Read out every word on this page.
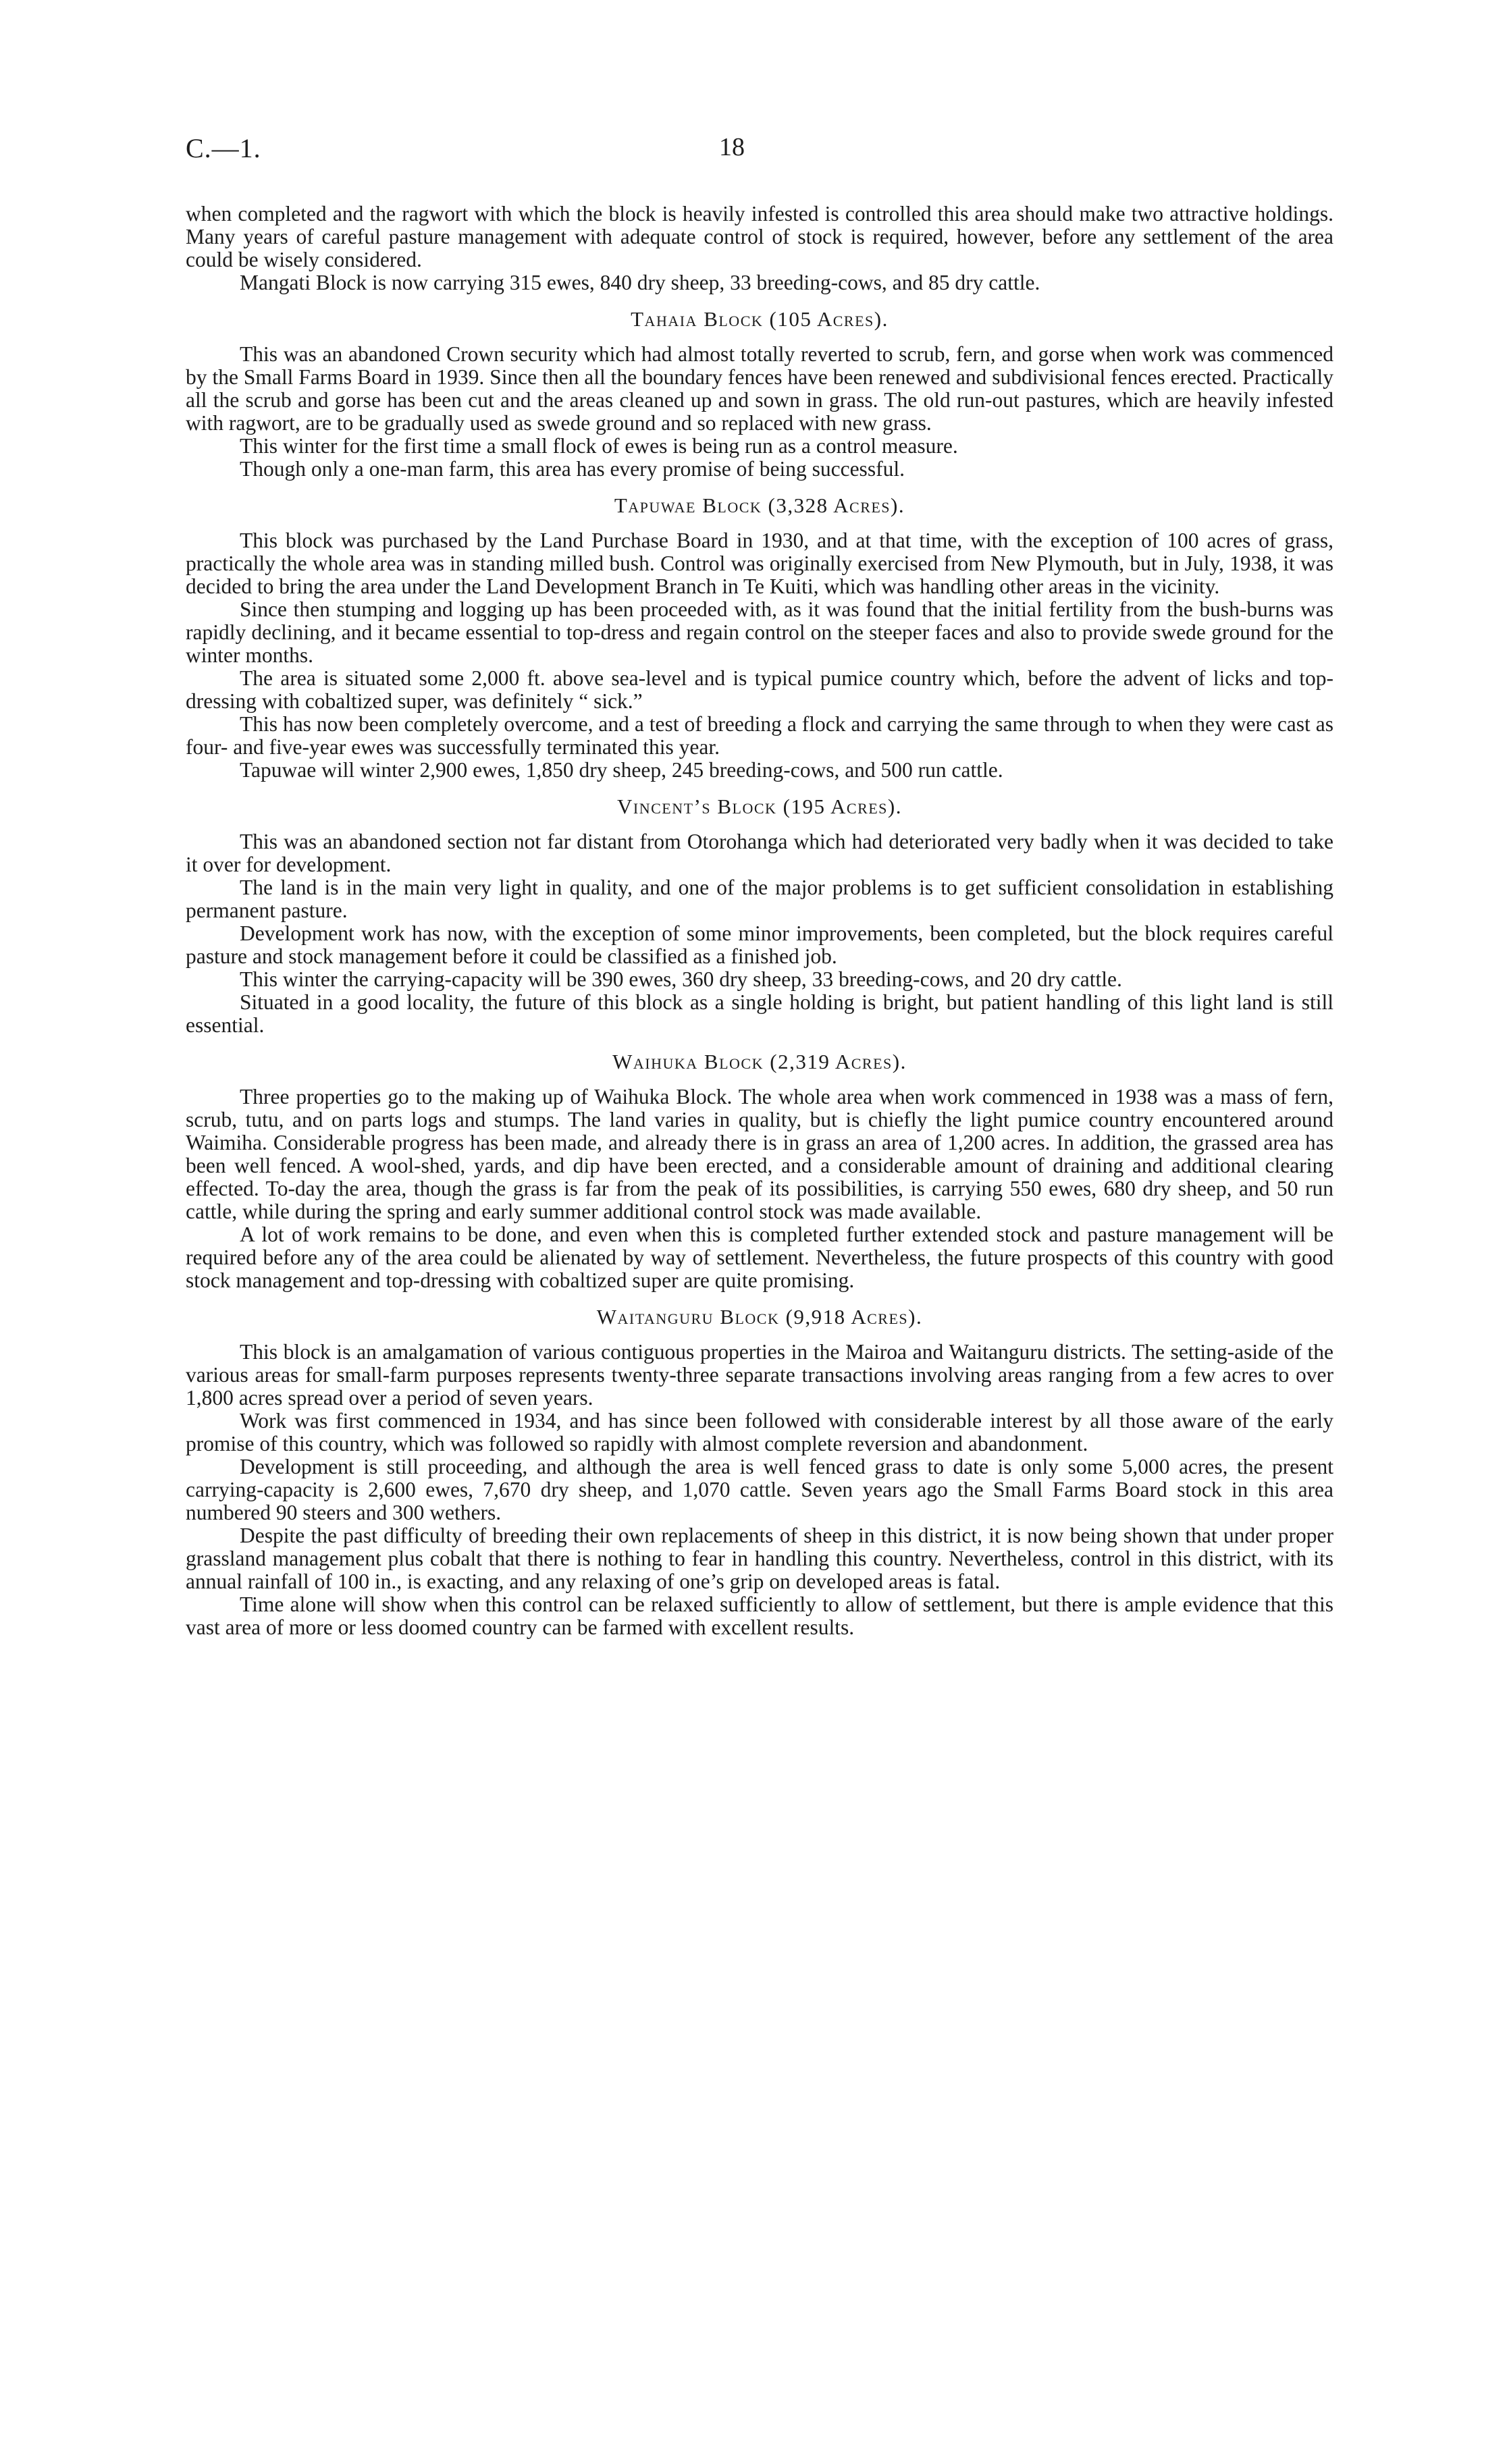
C.—1.	18

when completed and the ragwort with which the block is heavily infested is controlled this area should make two attractive holdings. Many years of careful pasture management with adequate control of stock is required, however, before any settlement of the area could be wisely considered.

Mangati Block is now carrying 315 ewes, 840 dry sheep, 33 breeding-cows, and 85 dry cattle.

Tahaia Block (105 Acres).

This was an abandoned Crown security which had almost totally reverted to scrub, fern, and gorse when work was commenced by the Small Farms Board in 1939. Since then all the boundary fences have been renewed and subdivisional fences erected. Practically all the scrub and gorse has been cut and the areas cleaned up and sown in grass. The old run-out pastures, which are heavily infested with ragwort, are to be gradually used as swede ground and so replaced with new grass.

This winter for the first time a small flock of ewes is being run as a control measure.

Though only a one-man farm, this area has every promise of being successful.

Tapuwae Block (3,328 Acres).

This block was purchased by the Land Purchase Board in 1930, and at that time, with the exception of 100 acres of grass, practically the whole area was in standing milled bush. Control was originally exercised from New Plymouth, but in July, 1938, it was decided to bring the area under the Land Development Branch in Te Kuiti, which was handling other areas in the vicinity.

Since then stumping and logging up has been proceeded with, as it was found that the initial fertility from the bush-burns was rapidly declining, and it became essential to top-dress and regain control on the steeper faces and also to provide swede ground for the winter months.

The area is situated some 2,000 ft. above sea-level and is typical pumice country which, before the advent of licks and top-dressing with cobaltized super, was definitely “ sick.”

This has now been completely overcome, and a test of breeding a flock and carrying the same through to when they were cast as four- and five-year ewes was successfully terminated this year.

Tapuwae will winter 2,900 ewes, 1,850 dry sheep, 245 breeding-cows, and 500 run cattle.

Vincent’s Block (195 Acres).

This was an abandoned section not far distant from Otorohanga which had deteriorated very badly when it was decided to take it over for development.

The land is in the main very light in quality, and one of the major problems is to get sufficient consolidation in establishing permanent pasture.

Development work has now, with the exception of some minor improvements, been completed, but the block requires careful pasture and stock management before it could be classified as a finished job.

This winter the carrying-capacity will be 390 ewes, 360 dry sheep, 33 breeding-cows, and 20 dry cattle.

Situated in a good locality, the future of this block as a single holding is bright, but patient handling of this light land is still essential.

Waihuka Block (2,319 Acres).

Three properties go to the making up of Waihuka Block. The whole area when work commenced in 1938 was a mass of fern, scrub, tutu, and on parts logs and stumps. The land varies in quality, but is chiefly the light pumice country encountered around Waimiha. Considerable progress has been made, and already there is in grass an area of 1,200 acres. In addition, the grassed area has been well fenced. A wool-shed, yards, and dip have been erected, and a considerable amount of draining and additional clearing effected. To-day the area, though the grass is far from the peak of its possibilities, is carrying 550 ewes, 680 dry sheep, and 50 run cattle, while during the spring and early summer additional control stock was made available.

A lot of work remains to be done, and even when this is completed further extended stock and pasture management will be required before any of the area could be alienated by way of settlement. Nevertheless, the future prospects of this country with good stock management and top-dressing with cobaltized super are quite promising.

Waitanguru Block (9,918 Acres).

This block is an amalgamation of various contiguous properties in the Mairoa and Waitanguru districts. The setting-aside of the various areas for small-farm purposes represents twenty-three separate transactions involving areas ranging from a few acres to over 1,800 acres spread over a period of seven years.

Work was first commenced in 1934, and has since been followed with considerable interest by all those aware of the early promise of this country, which was followed so rapidly with almost complete reversion and abandonment.

Development is still proceeding, and although the area is well fenced grass to date is only some 5,000 acres, the present carrying-capacity is 2,600 ewes, 7,670 dry sheep, and 1,070 cattle. Seven years ago the Small Farms Board stock in this area numbered 90 steers and 300 wethers.

Despite the past difficulty of breeding their own replacements of sheep in this district, it is now being shown that under proper grassland management plus cobalt that there is nothing to fear in handling this country. Nevertheless, control in this district, with its annual rainfall of 100 in., is exacting, and any relaxing of one’s grip on developed areas is fatal.

Time alone will show when this control can be relaxed sufficiently to allow of settlement, but there is ample evidence that this vast area of more or less doomed country can be farmed with excellent results.
